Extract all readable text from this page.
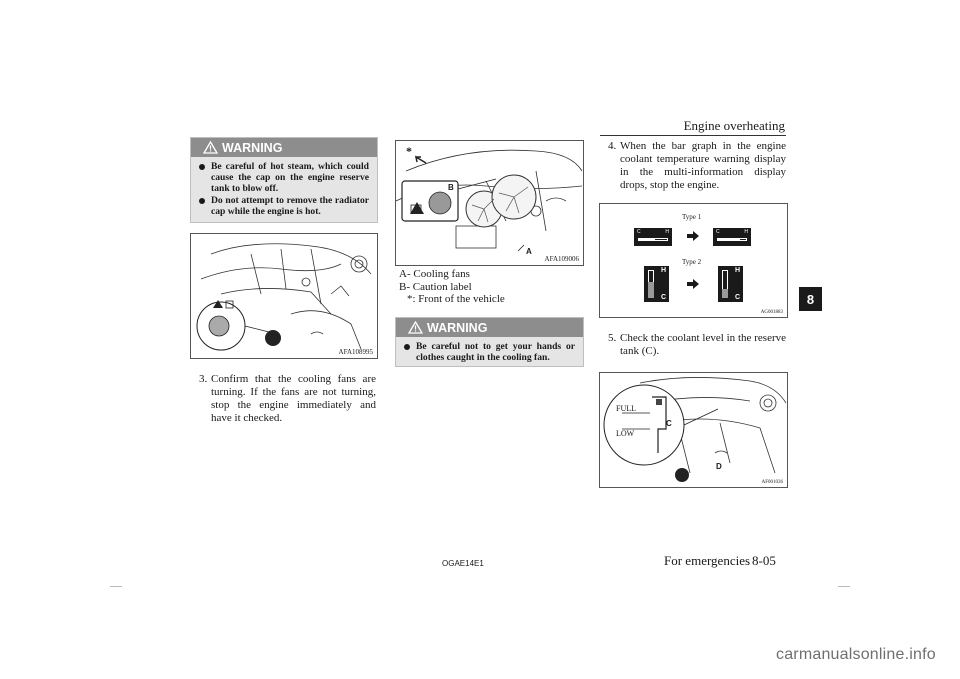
Engine overheating
8
WARNING
Be careful of hot steam, which could cause the cap on the engine reserve tank to blow off.
Do not attempt to remove the radiator cap while the engine is hot.
AFA108995
3. Confirm that the cooling fans are turning. If the fans are not turning, stop the engine immediately and have it checked.
*
B
A
AFA109006
A- Cooling fans
B- Caution label
*: Front of the vehicle
WARNING
Be careful not to get your hands or clothes caught in the cooling fan.
4. When the bar graph in the engine coolant temperature warning display in the multi-information display drops, stop the engine.
Type 1
Type 2
C	H	C	H
H
C
H
C
AG001883
5. Check the coolant level in the reserve tank (C).
FULL
LOW
C
D
AF001036
OGAE14E1	For emergencies 8-05
carmanualsonline.info
